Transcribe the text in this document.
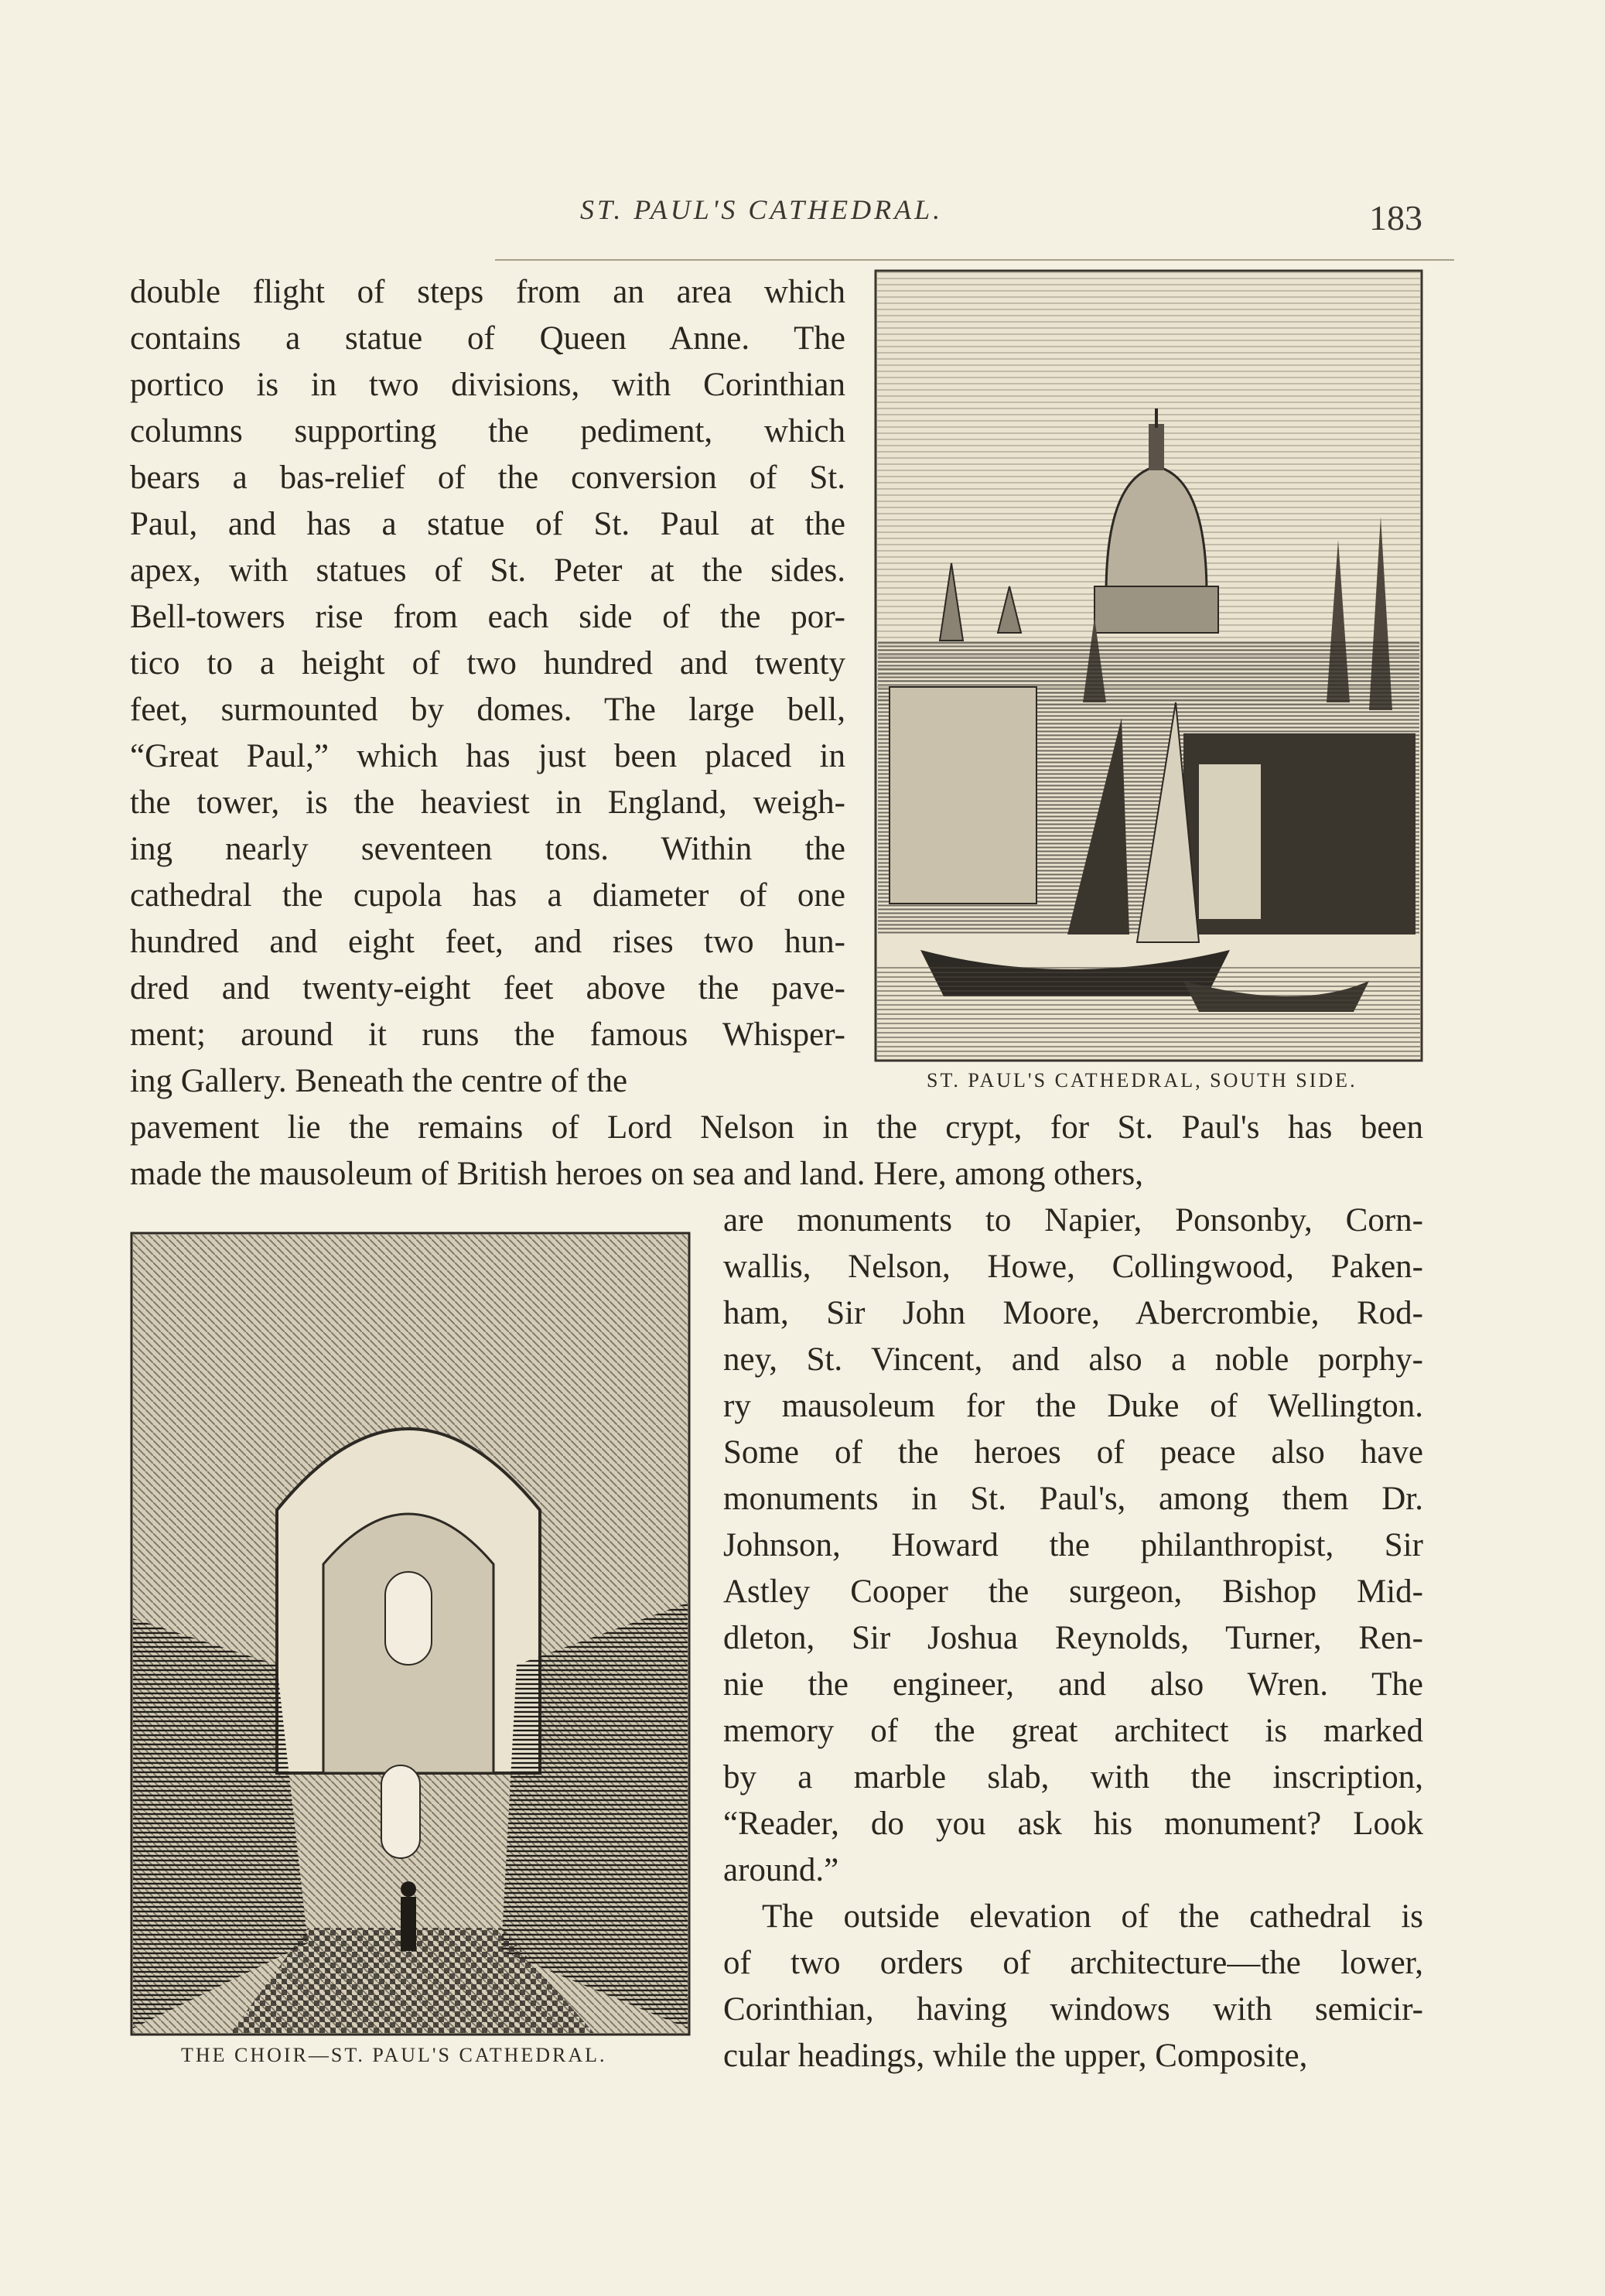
ST. PAUL'S CATHEDRAL.	183
double flight of steps from an area which
contains a statue of Queen Anne. The
portico is in two divisions, with Corinthian
columns supporting the pediment, which
bears a bas-relief of the conversion of St.
Paul, and has a statue of St. Paul at the
apex, with statues of St. Peter at the sides.
Bell-towers rise from each side of the por-
tico to a height of two hundred and twenty
feet, surmounted by domes. The large bell,
“Great Paul,” which has just been placed in
the tower, is the heaviest in England, weigh-
ing nearly seventeen tons. Within the
cathedral the cupola has a diameter of one
hundred and eight feet, and rises two hun-
dred and twenty-eight feet above the pave-
ment; around it runs the famous Whisper-
ing Gallery. Beneath the centre of the	ST. PAUL'S CATHEDRAL, SOUTH SIDE.
pavement lie the remains of Lord Nelson in the crypt, for St. Paul's has been
made the mausoleum of British heroes on sea and land. Here, among others,
THE CHOIR—ST. PAUL'S CATHEDRAL.
are monuments to Napier, Ponsonby, Corn-
wallis, Nelson, Howe, Collingwood, Paken-
ham, Sir John Moore, Abercrombie, Rod-
ney, St. Vincent, and also a noble porphy-
ry mausoleum for the Duke of Wellington.
Some of the heroes of peace also have
monuments in St. Paul's, among them Dr.
Johnson, Howard the philanthropist, Sir
Astley Cooper the surgeon, Bishop Mid-
dleton, Sir Joshua Reynolds, Turner, Ren-
nie the engineer, and also Wren. The
memory of the great architect is marked
by a marble slab, with the inscription,
“Reader, do you ask his monument? Look
around.”
The outside elevation of the cathedral is
of two orders of architecture—the lower,
Corinthian, having windows with semicir-
cular headings, while the upper, Composite,
